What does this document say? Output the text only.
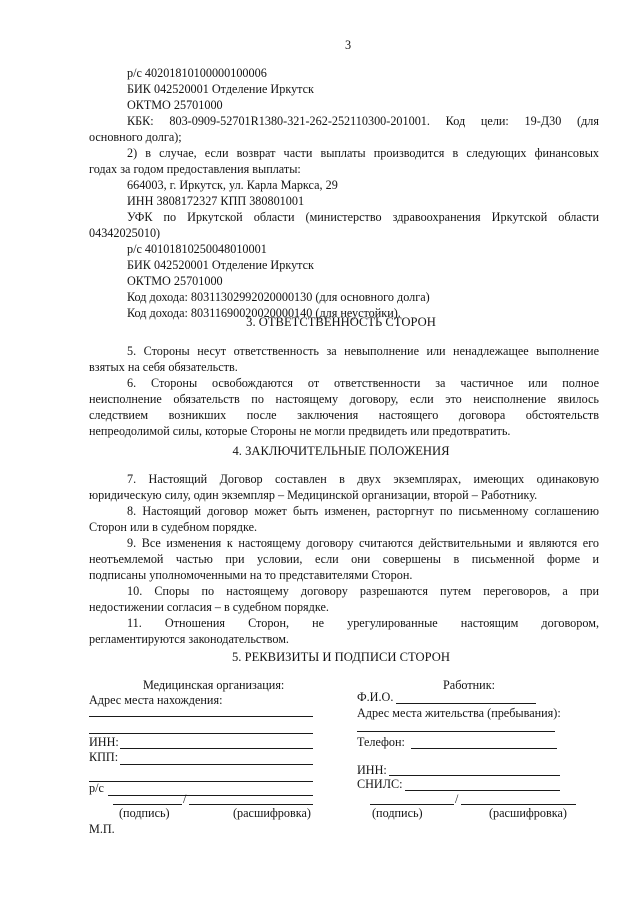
3
р/с 40201810100000100006
БИК 042520001 Отделение Иркутск
ОКТМО 25701000
КБК: 803-0909-52701R1380-321-262-252110300-201001. Код цели: 19-Д30 (для
основного долга);
2) в случае, если возврат части выплаты производится в следующих финансовых
годах за годом предоставления выплаты:
664003, г. Иркутск, ул. Карла Маркса, 29
ИНН 3808172327 КПП 380801001
УФК по Иркутской области (министерство здравоохранения Иркутской области
04342025010)
р/с 40101810250048010001
БИК 042520001 Отделение Иркутск
ОКТМО 25701000
Код дохода: 80311302992020000130 (для основного долга)
Код дохода: 80311690020020000140 (для неустойки).
3. ОТВЕТСТВЕННОСТЬ СТОРОН
5. Стороны несут ответственность за невыполнение или ненадлежащее выполнение
взятых на себя обязательств.
6. Стороны освобождаются от ответственности за частичное или полное
неисполнение обязательств по настоящему договору, если это неисполнение явилось
следствием возникших после заключения настоящего договора обстоятельств
непреодолимой силы, которые Стороны не могли предвидеть или предотвратить.
4. ЗАКЛЮЧИТЕЛЬНЫЕ ПОЛОЖЕНИЯ
7. Настоящий Договор составлен в двух экземплярах, имеющих одинаковую
юридическую силу, один экземпляр – Медицинской организации, второй – Работнику.
8. Настоящий договор может быть изменен, расторгнут по письменному соглашению
Сторон или в судебном порядке.
9. Все изменения к настоящему договору считаются действительными и являются его
неотъемлемой частью при условии, если они совершены в письменной форме и
подписаны уполномоченными на то представителями Сторон.
10. Споры по настоящему договору разрешаются путем переговоров, а при
недостижении согласия – в судебном порядке.
11. Отношения Сторон, не урегулированные настоящим договором,
регламентируются законодательством.
5. РЕКВИЗИТЫ И ПОДПИСИ СТОРОН
Медицинская организация:
Адрес места нахождения:
ИНН:
КПП:
р/с
/
(подпись)	(расшифровка)
М.П.
Работник:
Ф.И.О.
Адрес места жительства (пребывания):
Телефон:
ИНН:
СНИЛС:
/
(подпись)	(расшифровка)
